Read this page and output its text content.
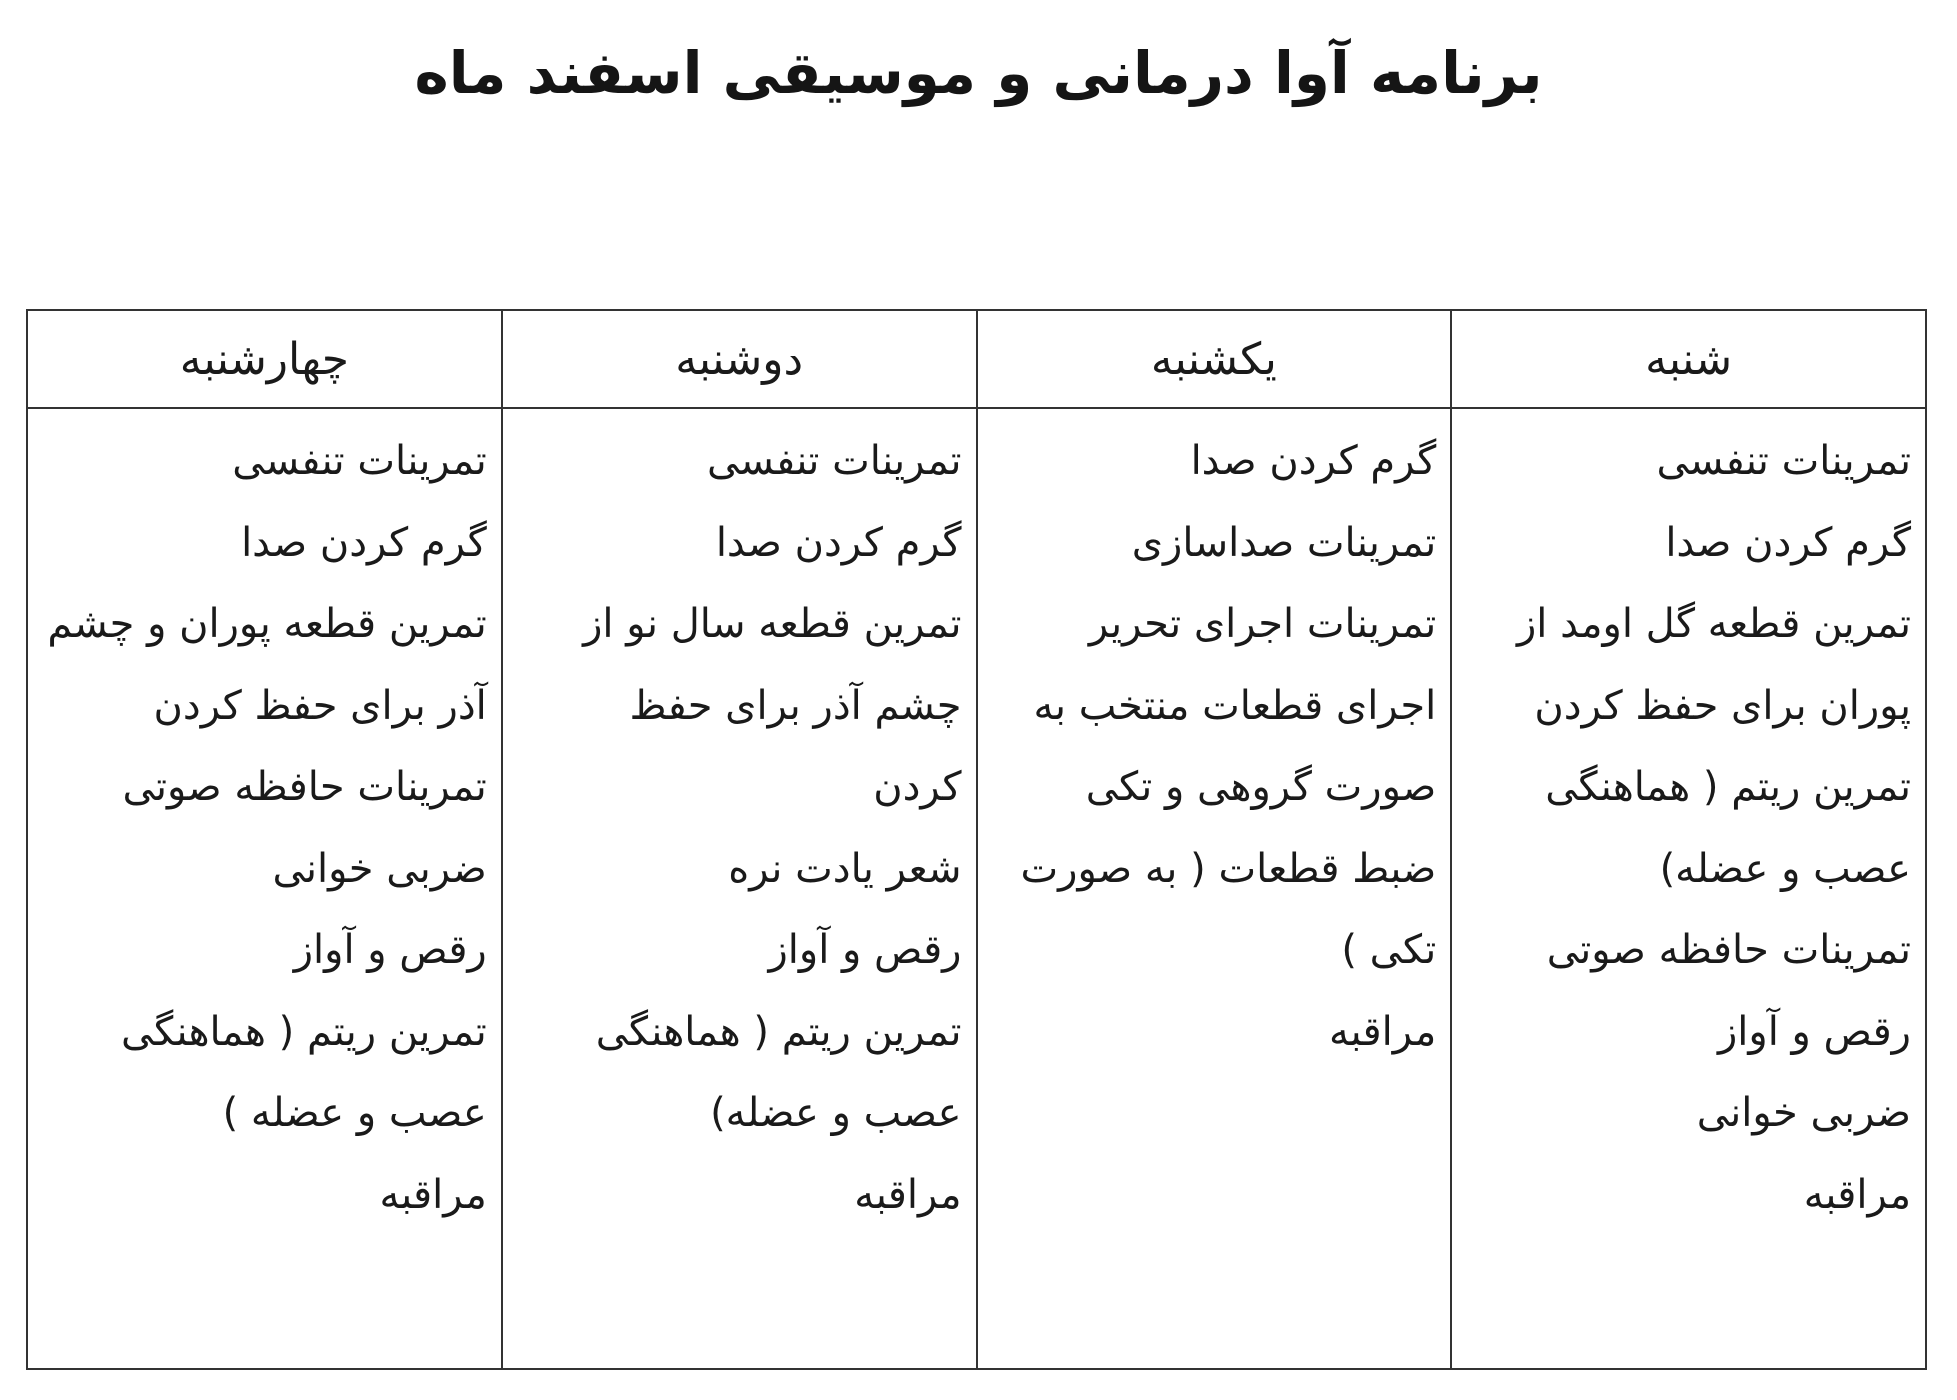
برنامه آوا درمانی و موسیقی اسفند ماه
شنبه
تمرینات تنفسی
گرم کردن صدا
تمرین قطعه گل اومد از
پوران برای حفظ کردن
تمرین ریتم ( هماهنگی
عصب و عضله)
تمرینات حافظه صوتی
رقص و آواز
ضربی خوانی
مراقبه
یکشنبه
گرم کردن صدا
تمرینات صداسازی
تمرینات اجرای تحریر
اجرای قطعات منتخب به
صورت گروهی و تکی
ضبط قطعات ( به صورت
تکی )
مراقبه
دوشنبه
تمرینات تنفسی
گرم کردن صدا
تمرین قطعه سال نو از
چشم آذر برای حفظ
کردن
شعر یادت نره
رقص و آواز
تمرین ریتم ( هماهنگی
عصب و عضله)
مراقبه
چهارشنبه
تمرینات تنفسی
گرم کردن صدا
تمرین قطعه پوران و چشم
آذر برای حفظ کردن
تمرینات حافظه صوتی
ضربی خوانی
رقص و آواز
تمرین ریتم ( هماهنگی
عصب و عضله )
مراقبه
